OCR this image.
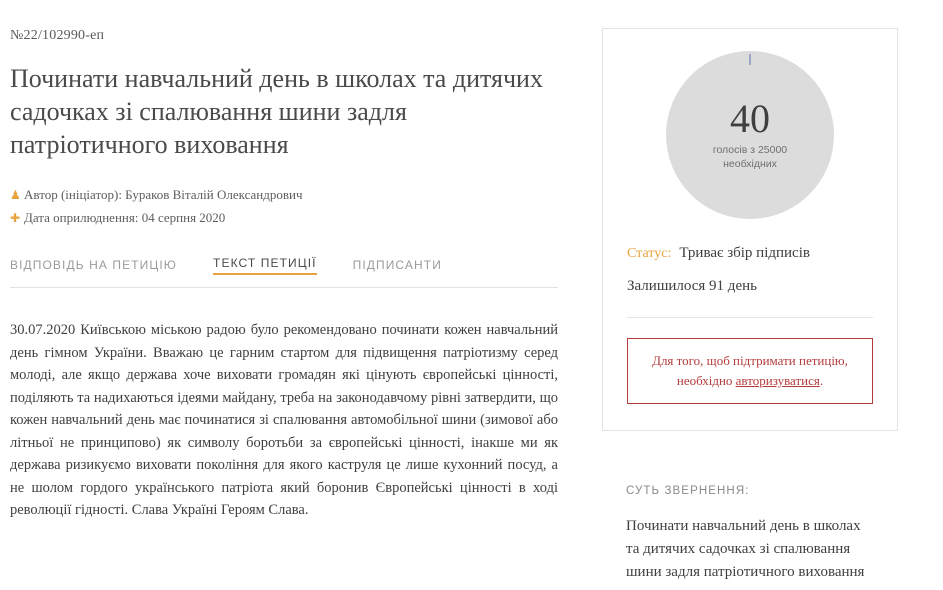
№22/102990-еп
Починати навчальний день в школах та дитячих садочках зі спалювання шини задля патріотичного виховання
♟ Автор (ініціатор): Бураков Віталій Олександрович
✚ Дата оприлюднення: 04 серпня 2020
ВІДПОВІДЬ НА ПЕТИЦІЮ	ТЕКСТ ПЕТИЦІЇ	ПІДПИСАНТИ
30.07.2020 Київською міською радою було рекомендовано починати кожен навчальний день гімном України. Вважаю це гарним стартом для підвищення патріотизму серед молоді, але якщо держава хоче виховати громадян які цінують європейські цінності, поділяють та надихаються ідеями майдану, треба на законодавчому рівні затвердити, що кожен навчальний день має починатися зі спалювання автомобільної шини (зимової або літньої не принципово) як символу боротьби за європейські цінності, інакше ми як держава ризикуємо виховати покоління для якого каструля це лише кухонний посуд, а не шолом гордого українського патріота який боронив Європейські цінності в ході революції гідності. Слава Україні Героям Слава.
40
голосів з 25000
необхідних
Статус: Триває збір підписів
Залишилося 91 день
Для того, щоб підтримати петицію, необхідно авторизуватися.
СУТЬ ЗВЕРНЕННЯ:
Починати навчальний день в школах та дитячих садочках зі спалювання шини задля патріотичного виховання
